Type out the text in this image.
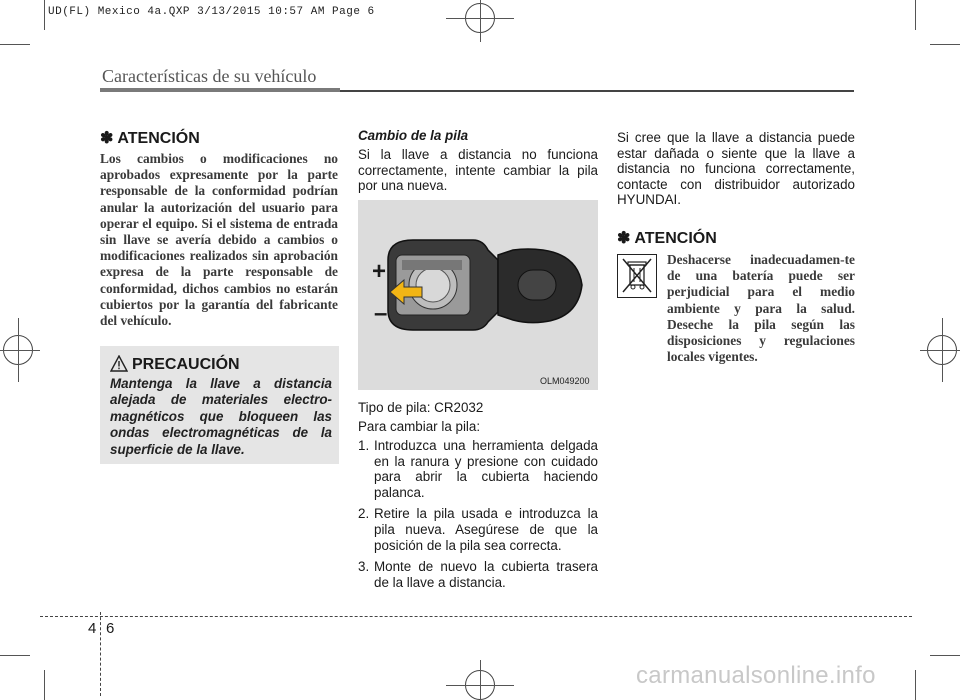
UD(FL) Mexico 4a.QXP 3/13/2015 10:57 AM Page 6
Características de su vehículo
✽ ATENCIÓN
Los cambios o modificaciones no aprobados expresamente por la parte responsable de la conformidad podrían anular la autorización del usuario para operar el equipo. Si el sistema de entrada sin llave se avería debido a cambios o modificaciones realizados sin aprobación expresa de la parte responsable de conformidad, dichos cambios no estarán cubiertos por la garantía del fabricante del vehículo.
PRECAUCIÓN
Mantenga la llave a distancia alejada de materiales electro-magnéticos que bloqueen las ondas electromagnéticas de la superficie de la llave.
Cambio de la pila
Si la llave a distancia no funciona correctamente, intente cambiar la pila por una nueva.
+
–
OLM049200
Tipo de pila: CR2032
Para cambiar la pila:
1. Introduzca una herramienta delgada en la ranura y presione con cuidado para abrir la cubierta haciendo palanca.
2. Retire la pila usada e introduzca la pila nueva. Asegúrese de que la posición de la pila sea correcta.
3. Monte de nuevo la cubierta trasera de la llave a distancia.
Si cree que la llave a distancia puede estar dañada o siente que la llave a distancia no funciona correctamente, contacte con distribuidor autorizado HYUNDAI.
✽ ATENCIÓN
Deshacerse inadecuadamen-te de una batería puede ser perjudicial para el medio ambiente y para la salud. Deseche la pila según las disposiciones y regulaciones locales vigentes.
4 6
carmanualsonline.info
